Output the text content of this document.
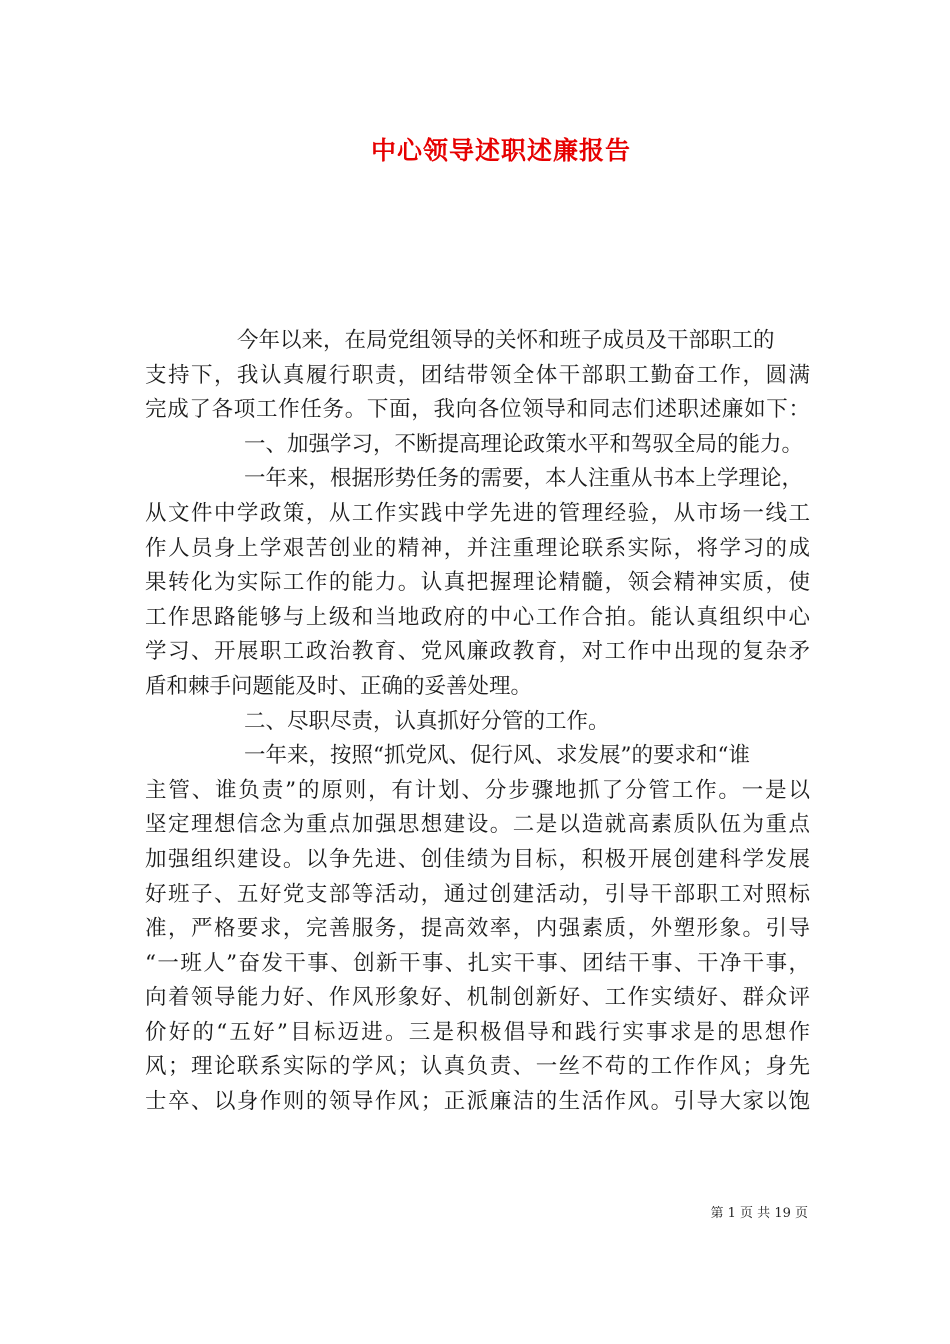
中心领导述职述廉报告
今年以来，在局党组领导的关怀和班子成员及干部职工的
支持下，我认真履行职责，团结带领全体干部职工勤奋工作，圆满
完成了各项工作任务。下面，我向各位领导和同志们述职述廉如下：
一、加强学习，不断提高理论政策水平和驾驭全局的能力。
一年来，根据形势任务的需要，本人注重从书本上学理论，
从文件中学政策，从工作实践中学先进的管理经验，从市场一线工
作人员身上学艰苦创业的精神，并注重理论联系实际，将学习的成
果转化为实际工作的能力。认真把握理论精髓，领会精神实质，使
工作思路能够与上级和当地政府的中心工作合拍。能认真组织中心
学习、开展职工政治教育、党风廉政教育，对工作中出现的复杂矛
盾和棘手问题能及时、正确的妥善处理。
二、尽职尽责，认真抓好分管的工作。
一年来，按照“抓党风、促行风、求发展”的要求和“谁
主管、谁负责”的原则，有计划、分步骤地抓了分管工作。一是以
坚定理想信念为重点加强思想建设。二是以造就高素质队伍为重点
加强组织建设。以争先进、创佳绩为目标，积极开展创建科学发展
好班子、五好党支部等活动，通过创建活动，引导干部职工对照标
准，严格要求，完善服务，提高效率，内强素质，外塑形象。引导
“一班人”奋发干事、创新干事、扎实干事、团结干事、干净干事，
向着领导能力好、作风形象好、机制创新好、工作实绩好、群众评
价好的“五好”目标迈进。三是积极倡导和践行实事求是的思想作
风；理论联系实际的学风；认真负责、一丝不苟的工作作风；身先
士卒、以身作则的领导作风；正派廉洁的生活作风。引导大家以饱
第 1 页 共 19 页
